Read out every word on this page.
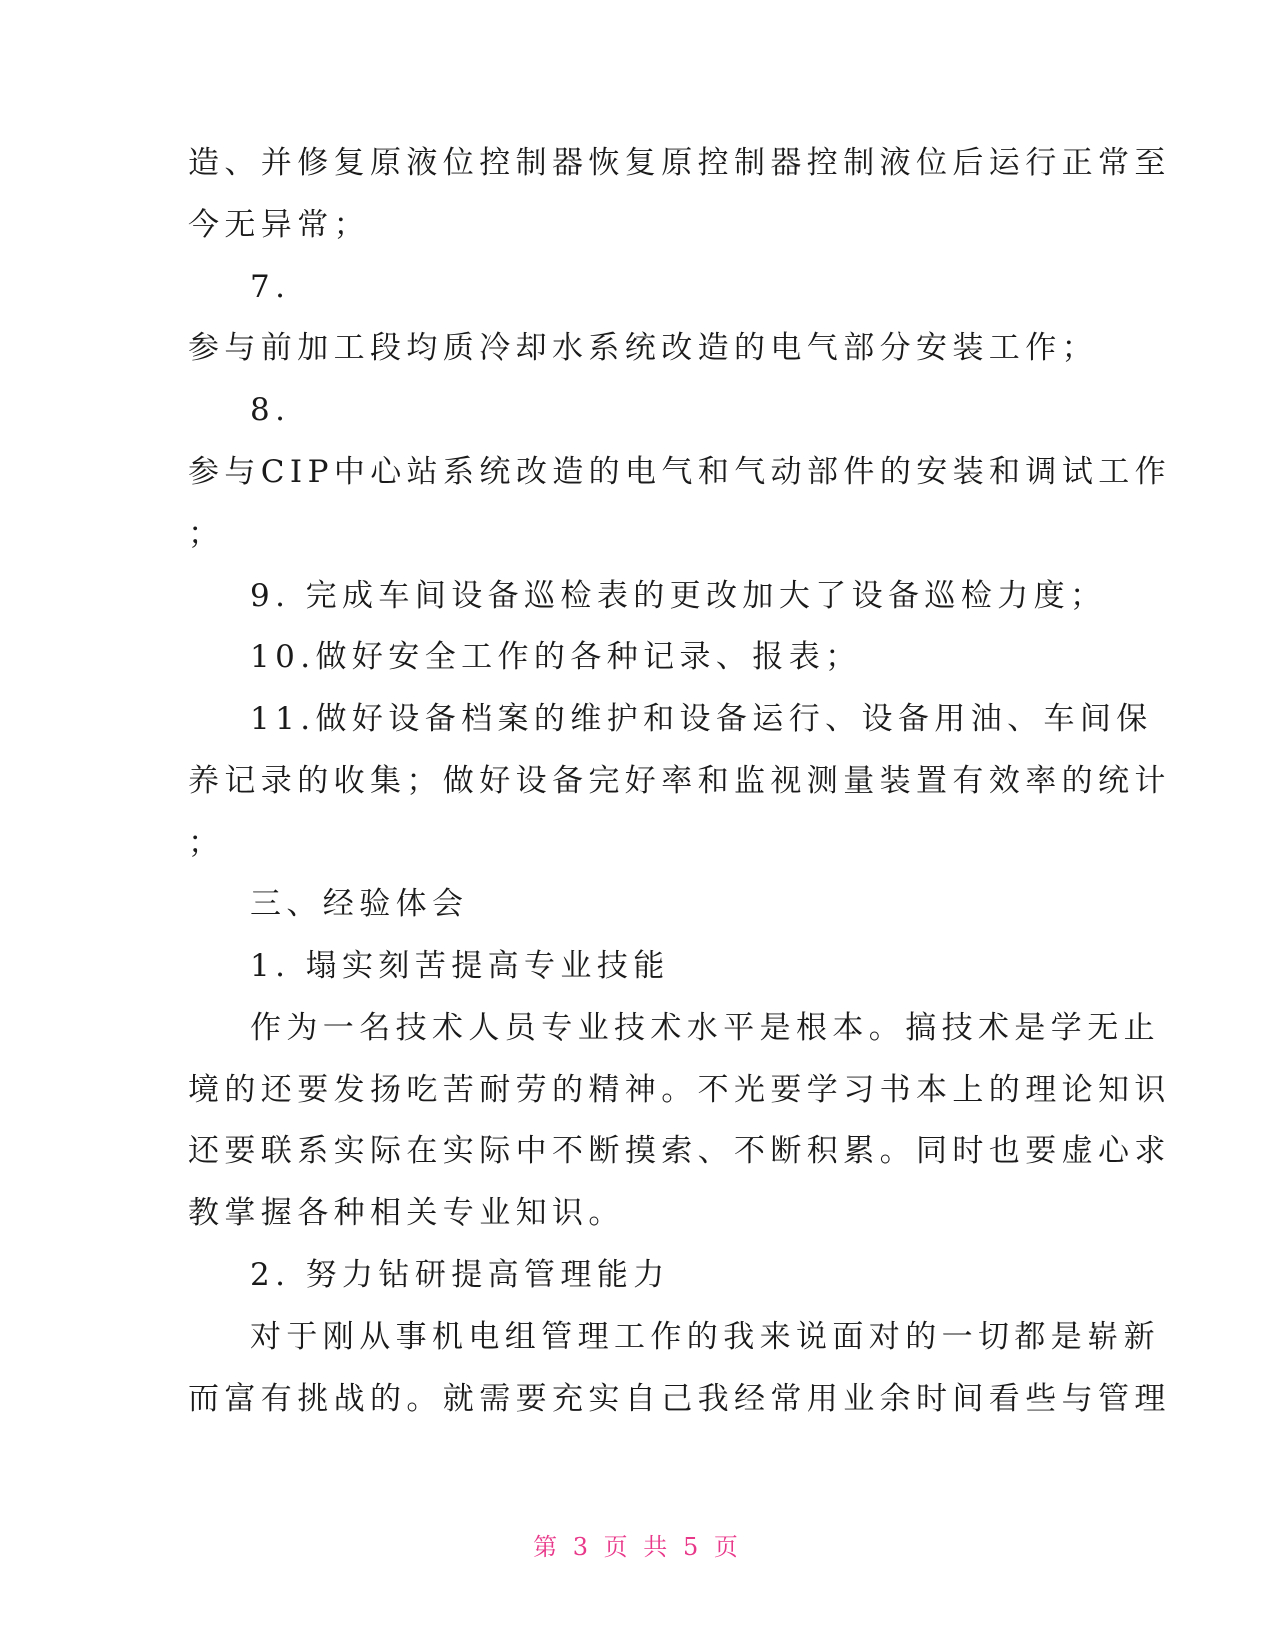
造、并修复原液位控制器恢复原控制器控制液位后运行正常至
今无异常；
7.
参与前加工段均质冷却水系统改造的电气部分安装工作；
8.
参与CIP中心站系统改造的电气和气动部件的安装和调试工作
；
9. 完成车间设备巡检表的更改加大了设备巡检力度；
10.做好安全工作的各种记录、报表；
11.做好设备档案的维护和设备运行、设备用油、车间保
养记录的收集；做好设备完好率和监视测量装置有效率的统计
；
三、经验体会
1. 塌实刻苦提高专业技能
作为一名技术人员专业技术水平是根本。搞技术是学无止
境的还要发扬吃苦耐劳的精神。不光要学习书本上的理论知识
还要联系实际在实际中不断摸索、不断积累。同时也要虚心求
教掌握各种相关专业知识。
2. 努力钻研提高管理能力
对于刚从事机电组管理工作的我来说面对的一切都是崭新
而富有挑战的。就需要充实自己我经常用业余时间看些与管理
第 3 页 共 5 页
